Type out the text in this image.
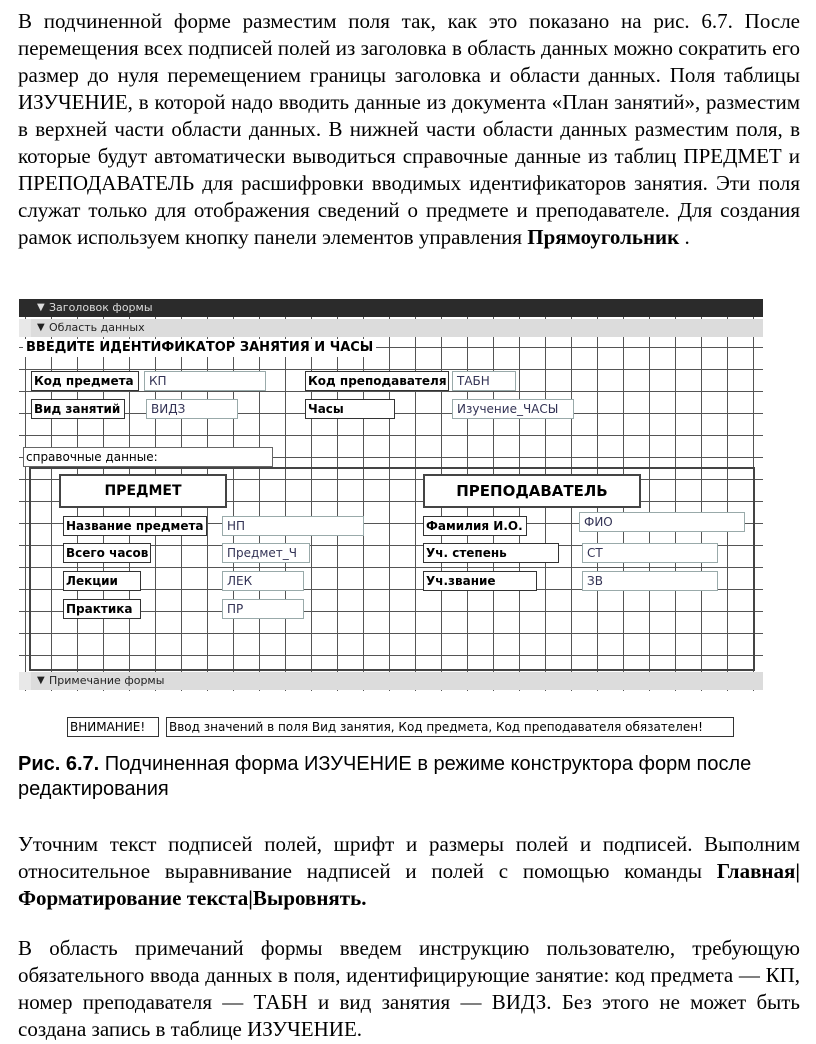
В подчиненной форме разместим поля так, как это показано на рис. 6.7. После перемещения всех подписей полей из заголовка в область данных можно сократить его размер до нуля перемещением границы заголовка и области данных. Поля таблицы ИЗУЧЕНИЕ, в которой надо вводить данные из документа «План занятий», разместим в верхней части области данных. В нижней части области данных разместим поля, в которые будут автоматически выводиться справочные данные из таблиц ПРЕДМЕТ и ПРЕПОДАВАТЕЛЬ для расшифровки вводимых идентификаторов занятия. Эти поля служат только для отображения сведений о предмете и преподавателе. Для создания рамок используем кнопку панели элементов управления Прямоугольник .
▼ Заголовок формы
▼ Область данных
ВВЕДИТЕ ИДЕНТИФИКАТОР ЗАНЯТИЯ И ЧАСЫ
Код предмета	КП	Код преподавателя ТАБН
Вид занятий	ВИДЗ	Часы	Изучение_ЧАСЫ
справочные данные:
ПРЕДМЕТ	ПРЕПОДАВАТЕЛЬ
Название предмета	НП
Всего часов	Предмет_Ч
Лекции	ЛЕК
Практика	ПР
Фамилия И.О.	ФИО
Уч. степень	СТ
Уч.звание	ЗВ
▼ Примечание формы
ВНИМАНИЕ!	Ввод значений в поля Вид занятия, Код предмета, Код преподавателя обязателен!
Рис. 6.7. Подчиненная форма ИЗУЧЕНИЕ в режиме конструктора форм после редактирования
Уточним текст подписей полей, шрифт и размеры полей и подписей. Выполним относительное выравнивание надписей и полей с помощью команды Главная|Форматирование текста|Выровнять.
В область примечаний формы введем инструкцию пользователю, требующую обязательного ввода данных в поля, идентифицирующие занятие: код предмета — КП, номер преподавателя — ТАБН и вид занятия — ВИДЗ. Без этого не может быть создана запись в таблице ИЗУЧЕНИЕ.
